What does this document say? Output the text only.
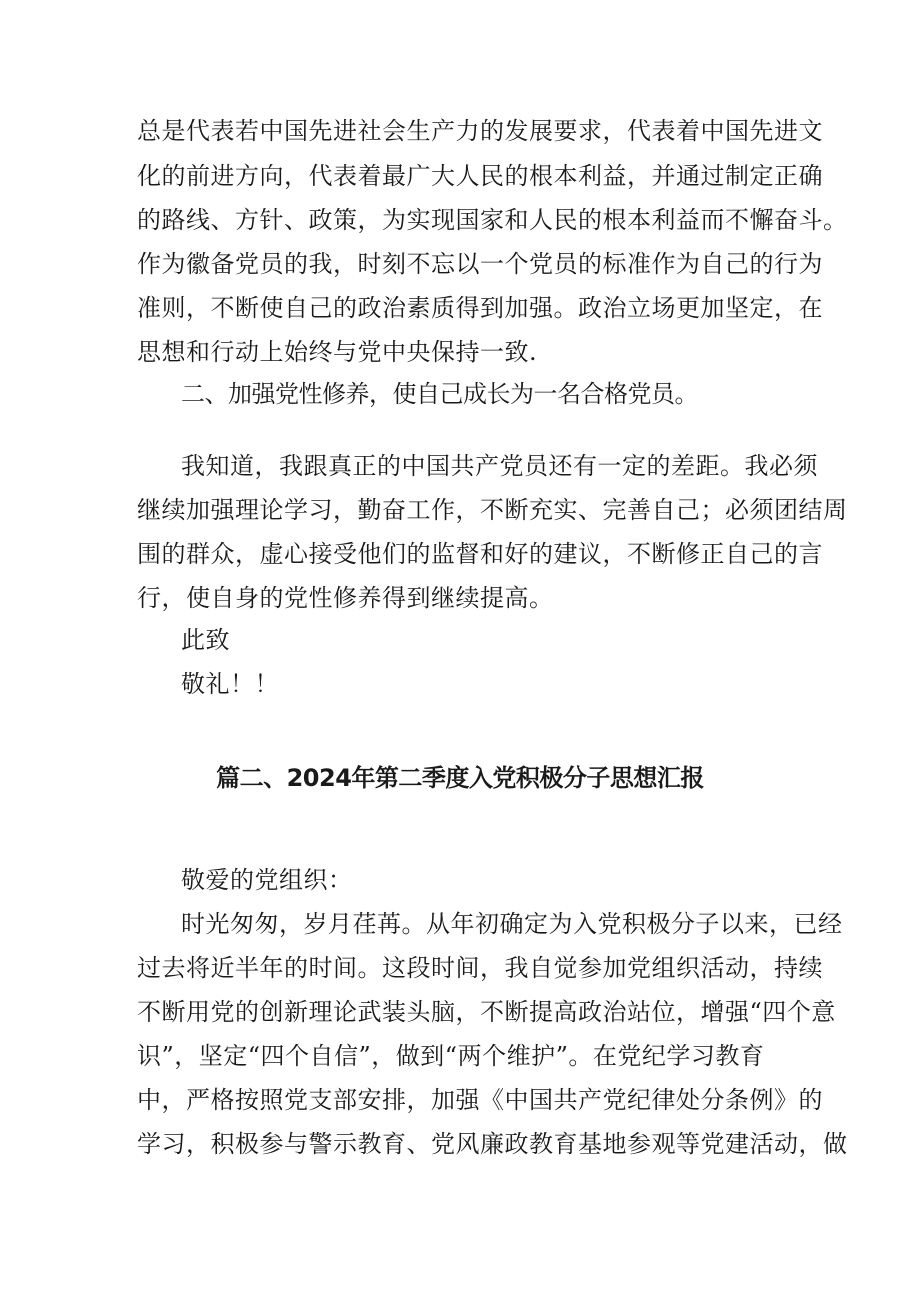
总是代表若中国先进社会生产力的发展要求，代表着中国先进文
化的前进方向，代表着最广大人民的根本利益，并通过制定正确
的路线、方针、政策，为实现国家和人民的根本利益而不懈奋斗。
作为徽备党员的我，时刻不忘以一个党员的标准作为自己的行为
准则，不断使自己的政治素质得到加强。政治立场更加坚定，在
思想和行动上始终与党中央保持一致.
二、加强党性修养，使自己成长为一名合格党员。
我知道，我跟真正的中国共产党员还有一定的差距。我必须
继续加强理论学习，勤奋工作，不断充实、完善自己；必须团结周
围的群众，虚心接受他们的监督和好的建议，不断修正自己的言
行，使自身的党性修养得到继续提高。
此致
敬礼！！
篇二、2024年第二季度入党积极分子思想汇报
敬爱的党组织：
时光匆匆，岁月荏苒。从年初确定为入党积极分子以来，已经
过去将近半年的时间。这段时间，我自觉参加党组织活动，持续
不断用党的创新理论武装头脑，不断提高政治站位，增强“四个意
识”，坚定“四个自信”，做到“两个维护”。在党纪学习教育
中，严格按照党支部安排，加强《中国共产党纪律处分条例》的
学习，积极参与警示教育、党风廉政教育基地参观等党建活动，做
